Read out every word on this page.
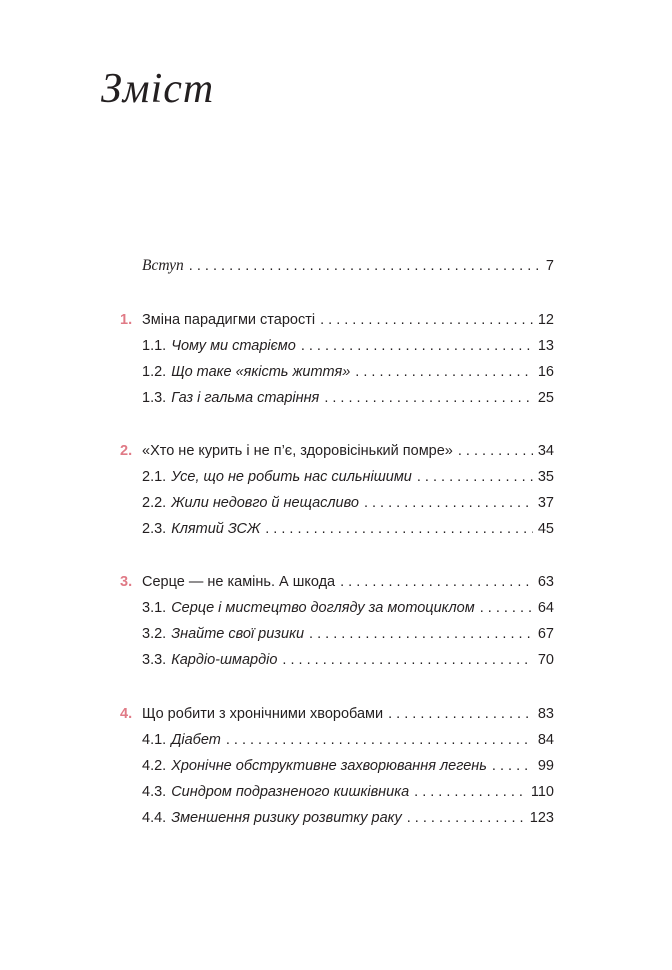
Зміст
Вступ . . .	7
1. Зміна парадигми старості . . .	12
1.1. Чому ми старіємо . . .	13
1.2. Що таке «якість життя» . . .	16
1.3. Газ і гальма старіння . . .	25
2. «Хто не курить і не п’є, здоровісінький помре» . . .	34
2.1. Усе, що не робить нас сильнішими . . .	35
2.2. Жили недовго й нещасливо . . .	37
2.3. Клятий ЗСЖ . . .	45
3. Серце — не камінь. А шкода . . .	63
3.1. Серце і мистецтво догляду за мотоциклом . . .	64
3.2. Знайте свої ризики . . .	67
3.3. Кардіо-шмардіо . . .	70
4. Що робити з хронічними хворобами . . .	83
4.1. Діабет . . .	84
4.2. Хронічне обструктивне захворювання легень . . .	99
4.3. Синдром подразненого кишківника . . .	110
4.4. Зменшення ризику розвитку раку . . .	123
